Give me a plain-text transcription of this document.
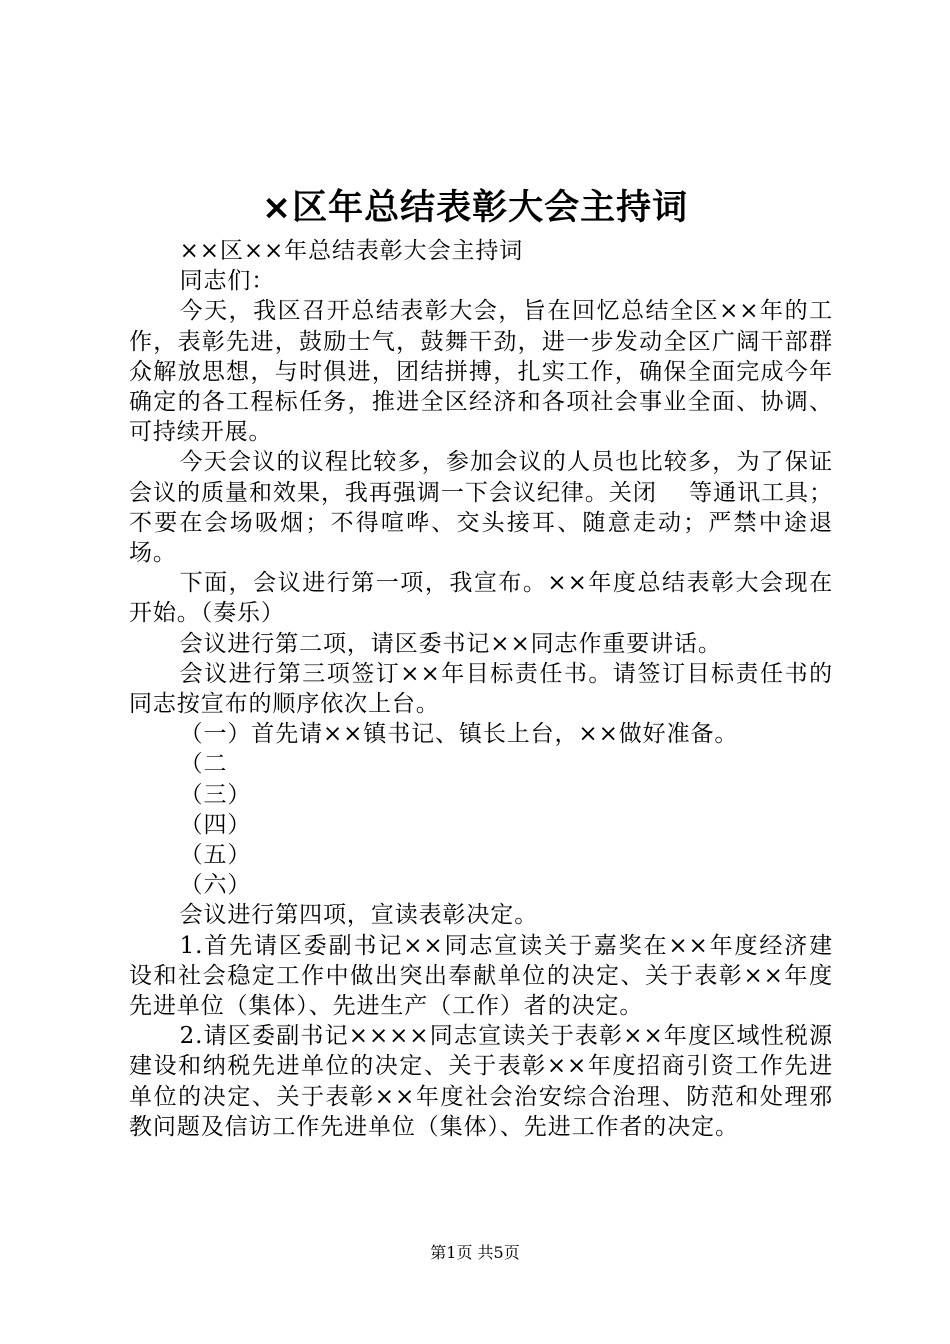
×区年总结表彰大会主持词

××区××年总结表彰大会主持词

同志们：

今天，我区召开总结表彰大会，旨在回忆总结全区××年的工作，表彰先进，鼓励士气，鼓舞干劲，进一步发动全区广阔干部群众解放思想，与时俱进，团结拼搏，扎实工作，确保全面完成今年确定的各工程标任务，推进全区经济和各项社会事业全面、协调、可持续开展。

今天会议的议程比较多，参加会议的人员也比较多，为了保证会议的质量和效果，我再强调一下会议纪律。关闭　 等通讯工具；不要在会场吸烟；不得喧哗、交头接耳、随意走动；严禁中途退场。

下面，会议进行第一项，我宣布。××年度总结表彰大会现在开始。（奏乐）

会议进行第二项，请区委书记××同志作重要讲话。

会议进行第三项签订××年目标责任书。请签订目标责任书的同志按宣布的顺序依次上台。

（一）首先请××镇书记、镇长上台，××做好准备。

（二

（三）

（四）

（五）

（六）

会议进行第四项，宣读表彰决定。

1.首先请区委副书记××同志宣读关于嘉奖在××年度经济建设和社会稳定工作中做出突出奉献单位的决定、关于表彰××年度先进单位（集体）、先进生产（工作）者的决定。

2.请区委副书记××××同志宣读关于表彰××年度区域性税源建设和纳税先进单位的决定、关于表彰××年度招商引资工作先进单位的决定、关于表彰××年度社会治安综合治理、防范和处理邪教问题及信访工作先进单位（集体）、先进工作者的决定。

第1页 共5页
